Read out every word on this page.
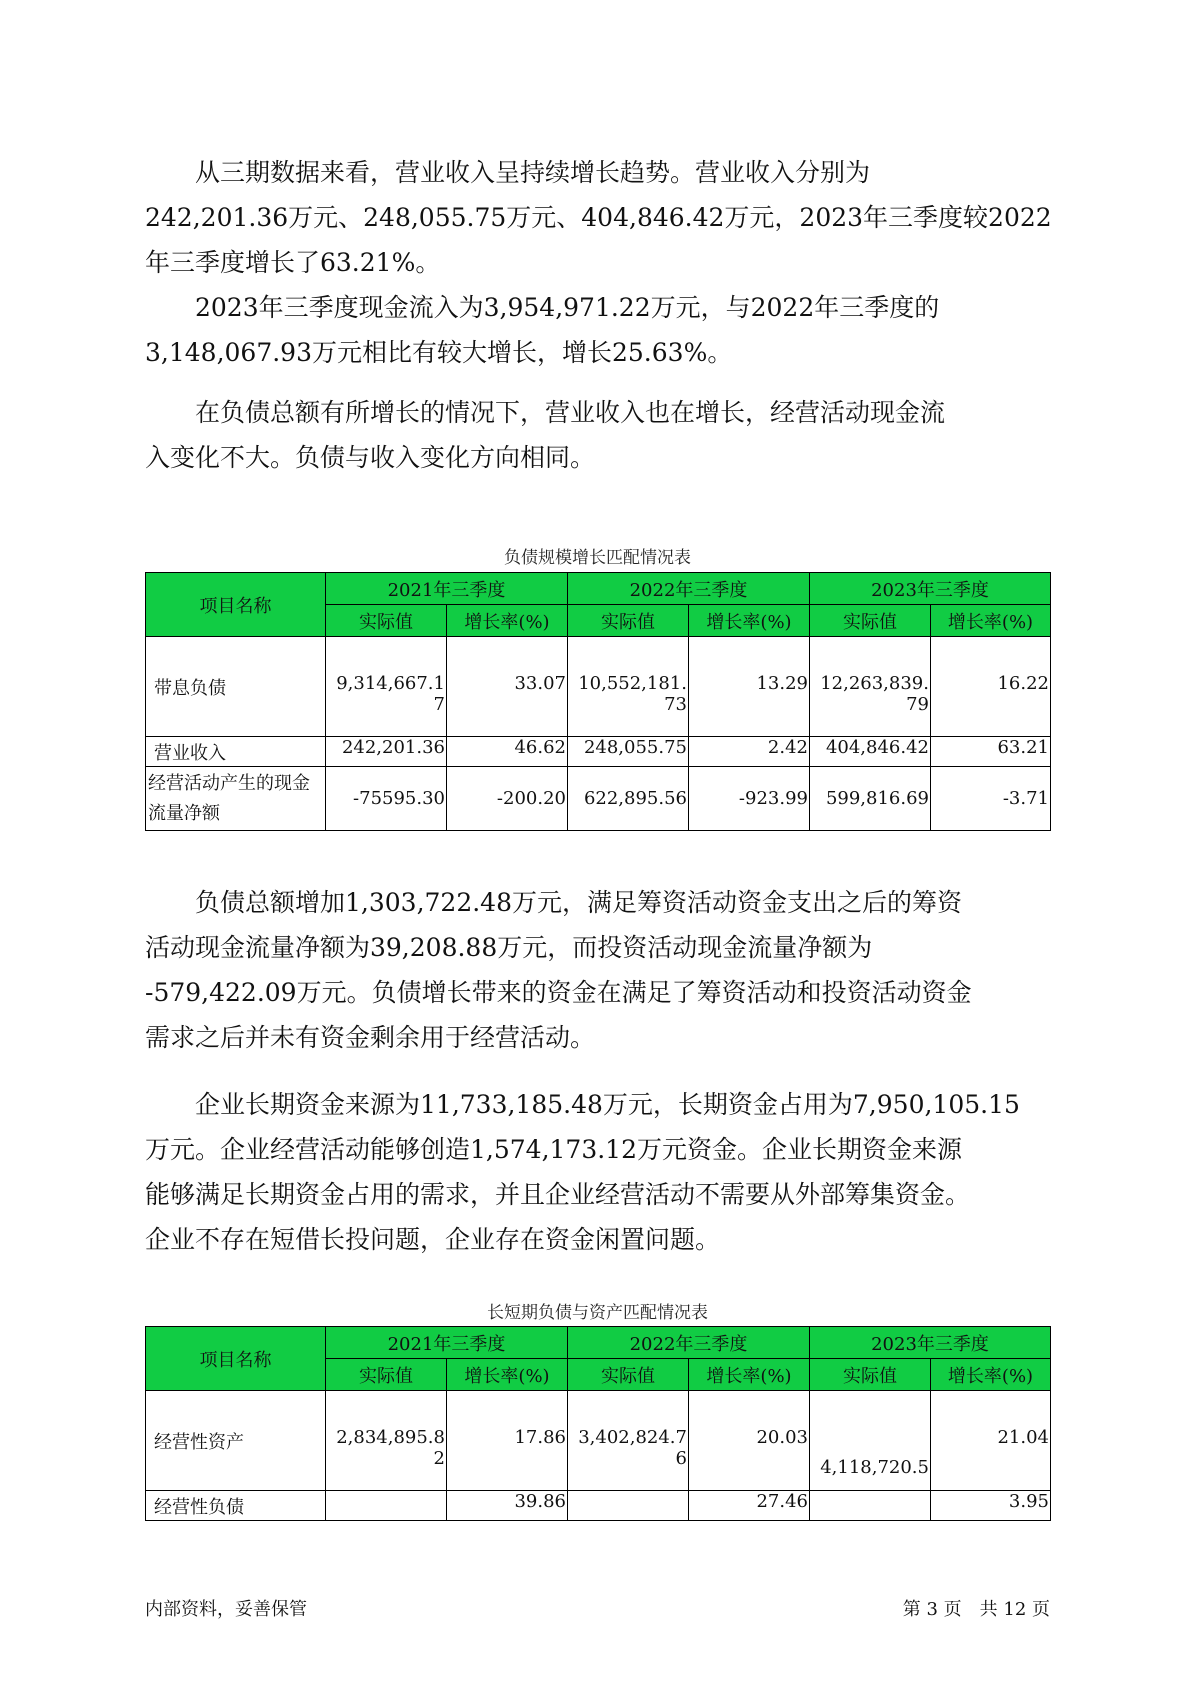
　　从三期数据来看，营业收入呈持续增长趋势。营业收入分别为
242,201.36万元、248,055.75万元、404,846.42万元，2023年三季度较2022
年三季度增长了63.21%。
　　2023年三季度现金流入为3,954,971.22万元，与2022年三季度的
3,148,067.93万元相比有较大增长，增长25.63%。
　　在负债总额有所增长的情况下，营业收入也在增长，经营活动现金流
入变化不大。负债与收入变化方向相同。
负债规模增长匹配情况表
项目名称	2021年三季度		2022年三季度		2023年三季度	
	实际值	增长率(%)	实际值	增长率(%)	实际值	增长率(%)
带息负债	9,314,667.17	33.07	10,552,181.73	13.29	12,263,839.79	16.22
营业收入	242,201.36	46.62	248,055.75	2.42	404,846.42	63.21
经营活动产生的现金流量净额	-75595.30	-200.20	622,895.56	-923.99	599,816.69	-3.71
　　负债总额增加1,303,722.48万元，满足筹资活动资金支出之后的筹资
活动现金流量净额为39,208.88万元，而投资活动现金流量净额为
-579,422.09万元。负债增长带来的资金在满足了筹资活动和投资活动资金
需求之后并未有资金剩余用于经营活动。
　　企业长期资金来源为11,733,185.48万元，长期资金占用为7,950,105.15
万元。企业经营活动能够创造1,574,173.12万元资金。企业长期资金来源
能够满足长期资金占用的需求，并且企业经营活动不需要从外部筹集资金。
企业不存在短借长投问题，企业存在资金闲置问题。
长短期负债与资产匹配情况表
项目名称	2021年三季度		2022年三季度		2023年三季度	
	实际值	增长率(%)	实际值	增长率(%)	实际值	增长率(%)
经营性资产	2,834,895.82	17.86	3,402,824.76	20.03	4,118,720.5	21.04
经营性负债		39.86		27.46		3.95
内部资料，妥善保管	第 3 页　共 12 页
